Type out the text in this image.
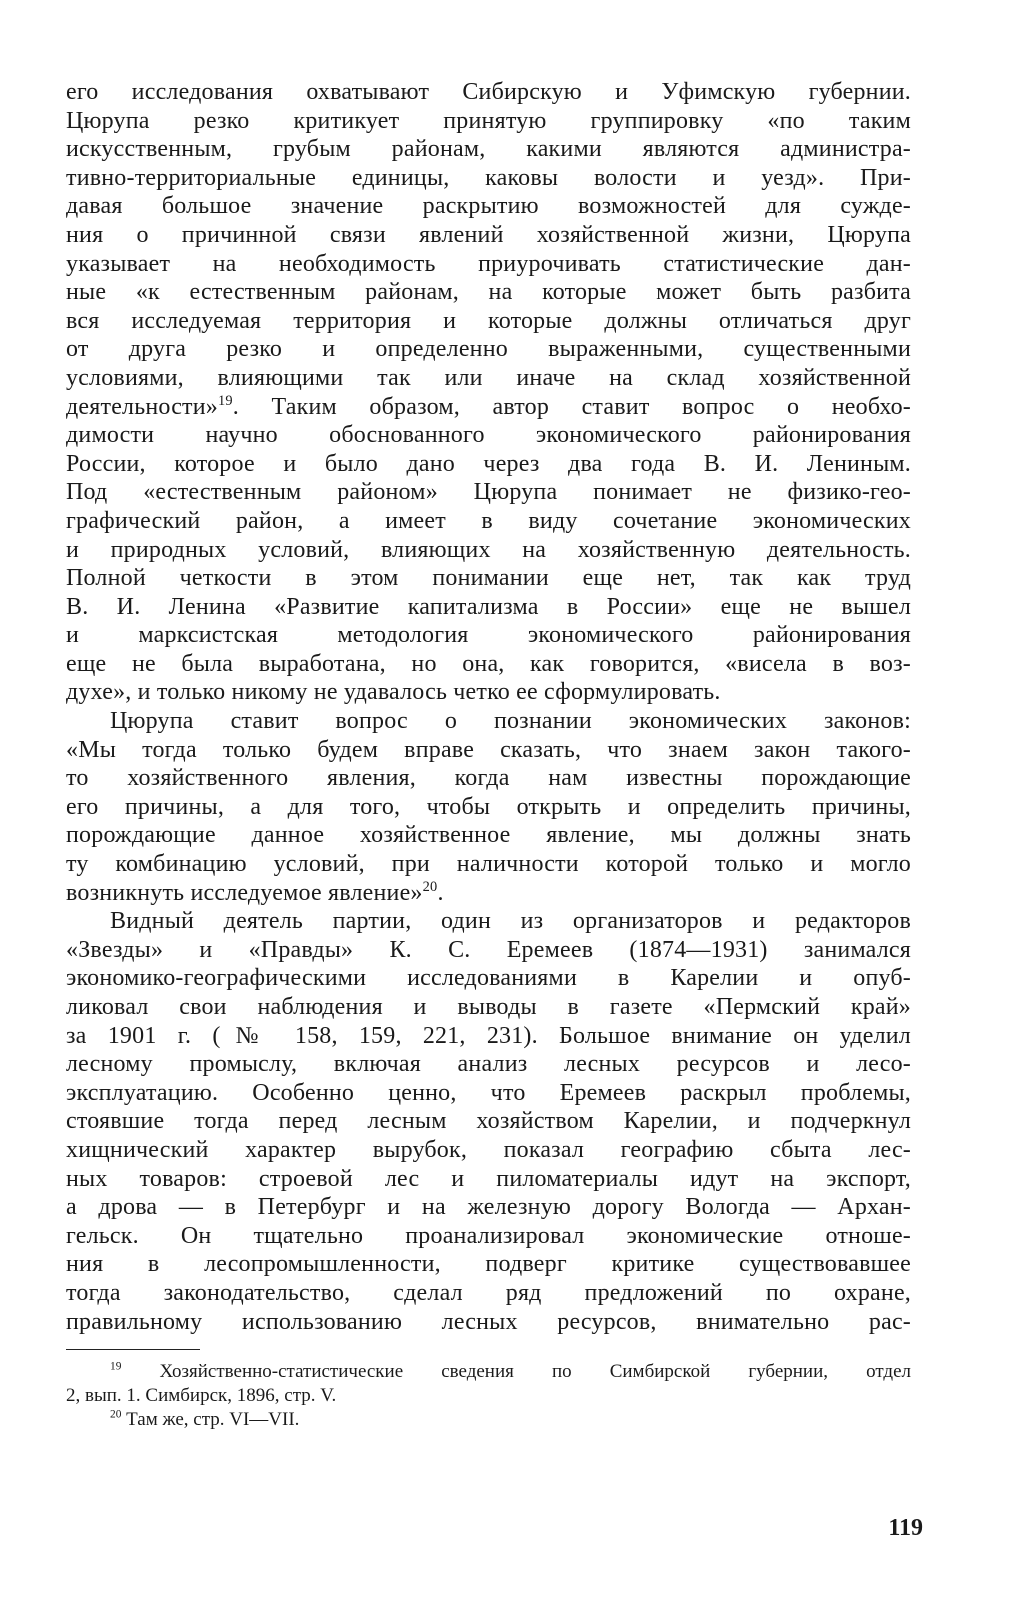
его исследования охватывают Сибирскую и Уфимскую губернии.
Цюрупа резко критикует принятую группировку «по таким
искусственным, грубым районам, какими являются администра-
тивно-территориальные единицы, каковы волости и уезд». При-
давая большое значение раскрытию возможностей для сужде-
ния о причинной связи явлений хозяйственной жизни, Цюрупа
указывает на необходимость приурочивать статистические дан-
ные «к естественным районам, на которые может быть разбита
вся исследуемая территория и которые должны отличаться друг
от друга резко и определенно выраженными, существенными
условиями, влияющими так или иначе на склад хозяйственной
деятельности»$^{19}$. Таким образом, автор ставит вопрос о необхо-
димости научно обоснованного экономического районирования
России, которое и было дано через два года В. И. Лениным.
Под «естественным районом» Цюрупа понимает не физико-гео-
графический район, а имеет в виду сочетание экономических
и природных условий, влияющих на хозяйственную деятельность.
Полной четкости в этом понимании еще нет, так как труд
В. И. Ленина «Развитие капитализма в России» еще не вышел
и марксистская методология экономического районирования
еще не была выработана, но она, как говорится, «висела в воз-
духе», и только никому не удавалось четко ее сформулировать.
Цюрупа ставит вопрос о познании экономических законов:
«Мы тогда только будем вправе сказать, что знаем закон такого-
то хозяйственного явления, когда нам известны порождающие
его причины, а для того, чтобы открыть и определить причины,
порождающие данное хозяйственное явление, мы должны знать
ту комбинацию условий, при наличности которой только и могло
возникнуть исследуемое явление»$^{20}$.
Видный деятель партии, один из организаторов и редакторов
«Звезды» и «Правды» К. С. Еремеев (1874—1931) занимался
экономико-географическими исследованиями в Карелии и опуб-
ликовал свои наблюдения и выводы в газете «Пермский край»
за 1901 г. (№ 158, 159, 221, 231). Большое внимание он уделил
лесному промыслу, включая анализ лесных ресурсов и лесо-
эксплуатацию. Особенно ценно, что Еремеев раскрыл проблемы,
стоявшие тогда перед лесным хозяйством Карелии, и подчеркнул
хищнический характер вырубок, показал географию сбыта лес-
ных товаров: строевой лес и пиломатериалы идут на экспорт,
а дрова — в Петербург и на железную дорогу Вологда — Архан-
гельск. Он тщательно проанализировал экономические отноше-
ния в лесопромышленности, подверг критике существовавшее
тогда законодательство, сделал ряд предложений по охране,
правильному использованию лесных ресурсов, внимательно рас-
$^{19}$ Хозяйственно-статистические сведения по Симбирской губернии, отдел
2, вып. 1. Симбирск, 1896, стр. V.
$^{20}$ Там же, стр. VI—VII.
119
